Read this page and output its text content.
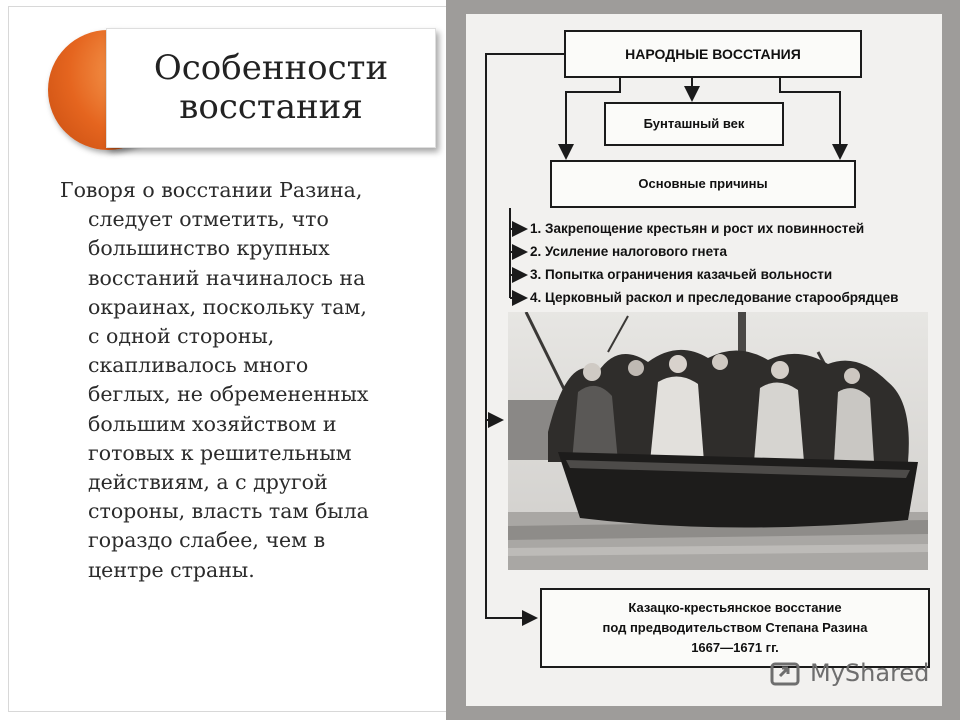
Особенности
восстания
Говоря о восстании Разина,
следует отметить, что
большинство крупных
восстаний начиналось на
окраинах, поскольку там,
с одной стороны,
скапливалось много
беглых, не обремененных
большим хозяйством и
готовых к решительным
действиям, а с другой
стороны, власть там была
гораздо слабее, чем в
центре страны.
НАРОДНЫЕ ВОССТАНИЯ
Бунташный век
Основные причины
1. Закрепощение крестьян и рост их повинностей
2. Усиление налогового гнета
3. Попытка ограничения казачьей вольности
4. Церковный раскол и преследование старообрядцев
Казацко-крестьянское восстание
под предводительством Степана Разина
1667—1671 гг.
MyShared
